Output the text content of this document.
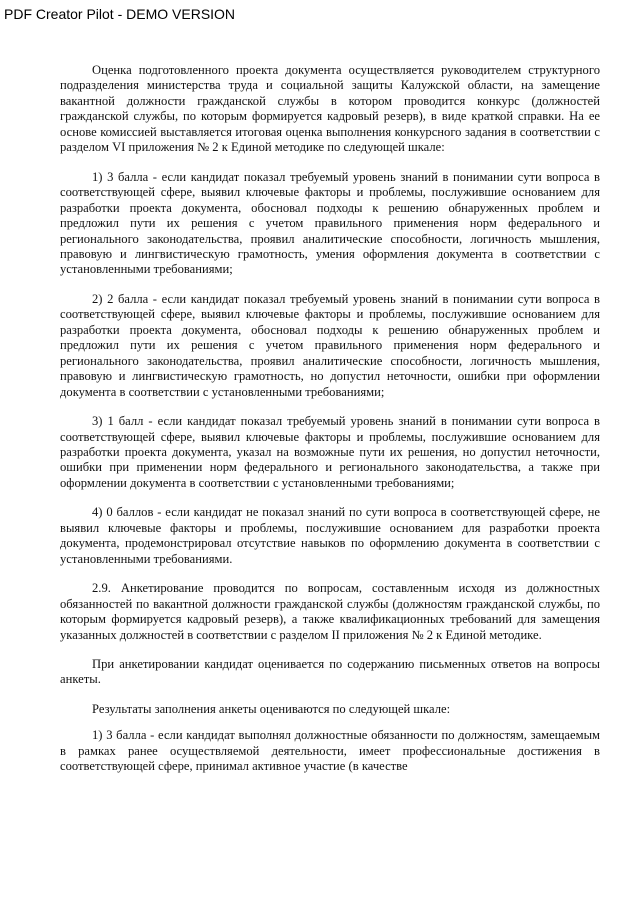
PDF Creator Pilot - DEMO VERSION

Оценка подготовленного проекта документа осуществляется руководителем структурного подразделения министерства труда и социальной защиты Калужской области, на замещение вакантной должности гражданской службы в котором проводится конкурс (должностей гражданской службы, по которым формируется кадровый резерв), в виде краткой справки. На ее основе комиссией выставляется итоговая оценка выполнения конкурсного задания в соответствии с разделом VI приложения № 2 к Единой методике по следующей шкале:

1) 3 балла - если кандидат показал требуемый уровень знаний в понимании сути вопроса в соответствующей сфере, выявил ключевые факторы и проблемы, послужившие основанием для разработки проекта документа, обосновал подходы к решению обнаруженных проблем и предложил пути их решения с учетом правильного применения норм федерального и регионального законодательства, проявил аналитические способности, логичность мышления, правовую и лингвистическую грамотность, умения оформления документа в соответствии с установленными требованиями;

2) 2 балла - если кандидат показал требуемый уровень знаний в понимании сути вопроса в соответствующей сфере, выявил ключевые факторы и проблемы, послужившие основанием для разработки проекта документа, обосновал подходы к решению обнаруженных проблем и предложил пути их решения с учетом правильного применения норм федерального и регионального законодательства, проявил аналитические способности, логичность мышления, правовую и лингвистическую грамотность, но допустил неточности, ошибки при оформлении документа в соответствии с установленными требованиями;

3) 1 балл - если кандидат показал требуемый уровень знаний в понимании сути вопроса в соответствующей сфере, выявил ключевые факторы и проблемы, послужившие основанием для разработки проекта документа, указал на возможные пути их решения, но допустил неточности, ошибки при применении норм федерального и регионального законодательства, а также при оформлении документа в соответствии с установленными требованиями;

4) 0 баллов - если кандидат не показал знаний по сути вопроса в соответствующей сфере, не выявил ключевые факторы и проблемы, послужившие основанием для разработки проекта документа, продемонстрировал отсутствие навыков по оформлению документа в соответствии с установленными требованиями.

2.9. Анкетирование проводится по вопросам, составленным исходя из должностных обязанностей по вакантной должности гражданской службы (должностям гражданской службы, по которым формируется кадровый резерв), а также квалификационных требований для замещения указанных должностей в соответствии с разделом II приложения № 2 к Единой методике.

При анкетировании кандидат оценивается по содержанию письменных ответов на вопросы анкеты.

Результаты заполнения анкеты оцениваются по следующей шкале:

1) 3 балла - если кандидат выполнял должностные обязанности по должностям, замещаемым в рамках ранее осуществляемой деятельности, имеет профессиональные достижения в соответствующей сфере, принимал активное участие (в качестве
